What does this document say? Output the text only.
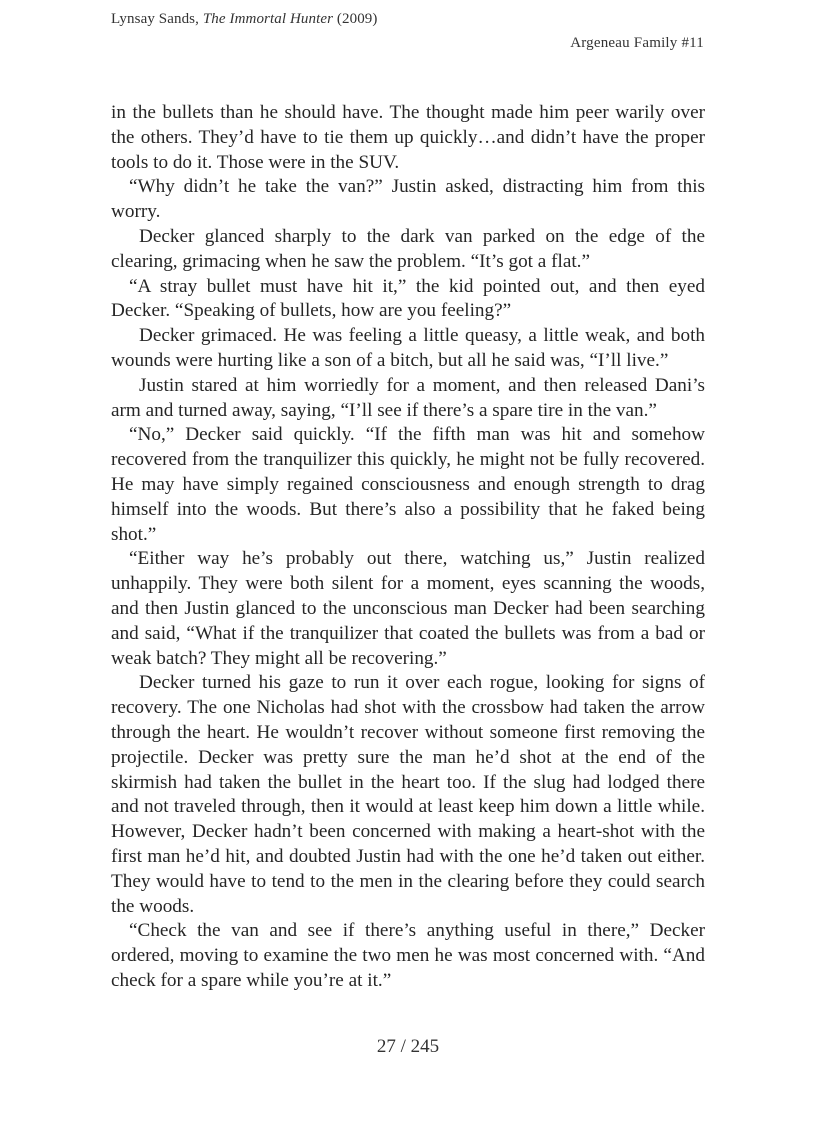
Lynsay Sands, The Immortal Hunter (2009)
Argeneau Family #11

in the bullets than he should have. The thought made him peer warily over the others. They’d have to tie them up quickly…and didn’t have the proper tools to do it. Those were in the SUV.

“Why didn’t he take the van?” Justin asked, distracting him from this worry.

Decker glanced sharply to the dark van parked on the edge of the clearing, grimacing when he saw the problem. “It’s got a flat.”

“A stray bullet must have hit it,” the kid pointed out, and then eyed Decker. “Speaking of bullets, how are you feeling?”

Decker grimaced. He was feeling a little queasy, a little weak, and both wounds were hurting like a son of a bitch, but all he said was, “I’ll live.”

Justin stared at him worriedly for a moment, and then released Dani’s arm and turned away, saying, “I’ll see if there’s a spare tire in the van.”

“No,” Decker said quickly. “If the fifth man was hit and somehow recovered from the tranquilizer this quickly, he might not be fully recovered. He may have simply regained consciousness and enough strength to drag himself into the woods. But there’s also a possibility that he faked being shot.”

“Either way he’s probably out there, watching us,” Justin realized unhappily. They were both silent for a moment, eyes scanning the woods, and then Justin glanced to the unconscious man Decker had been searching and said, “What if the tranquilizer that coated the bullets was from a bad or weak batch? They might all be recovering.”

Decker turned his gaze to run it over each rogue, looking for signs of recovery. The one Nicholas had shot with the crossbow had taken the arrow through the heart. He wouldn’t recover without someone first removing the projectile. Decker was pretty sure the man he’d shot at the end of the skirmish had taken the bullet in the heart too. If the slug had lodged there and not traveled through, then it would at least keep him down a little while. However, Decker hadn’t been concerned with making a heart-shot with the first man he’d hit, and doubted Justin had with the one he’d taken out either. They would have to tend to the men in the clearing before they could search the woods.

“Check the van and see if there’s anything useful in there,” Decker ordered, moving to examine the two men he was most concerned with. “And check for a spare while you’re at it.”

27 / 245
